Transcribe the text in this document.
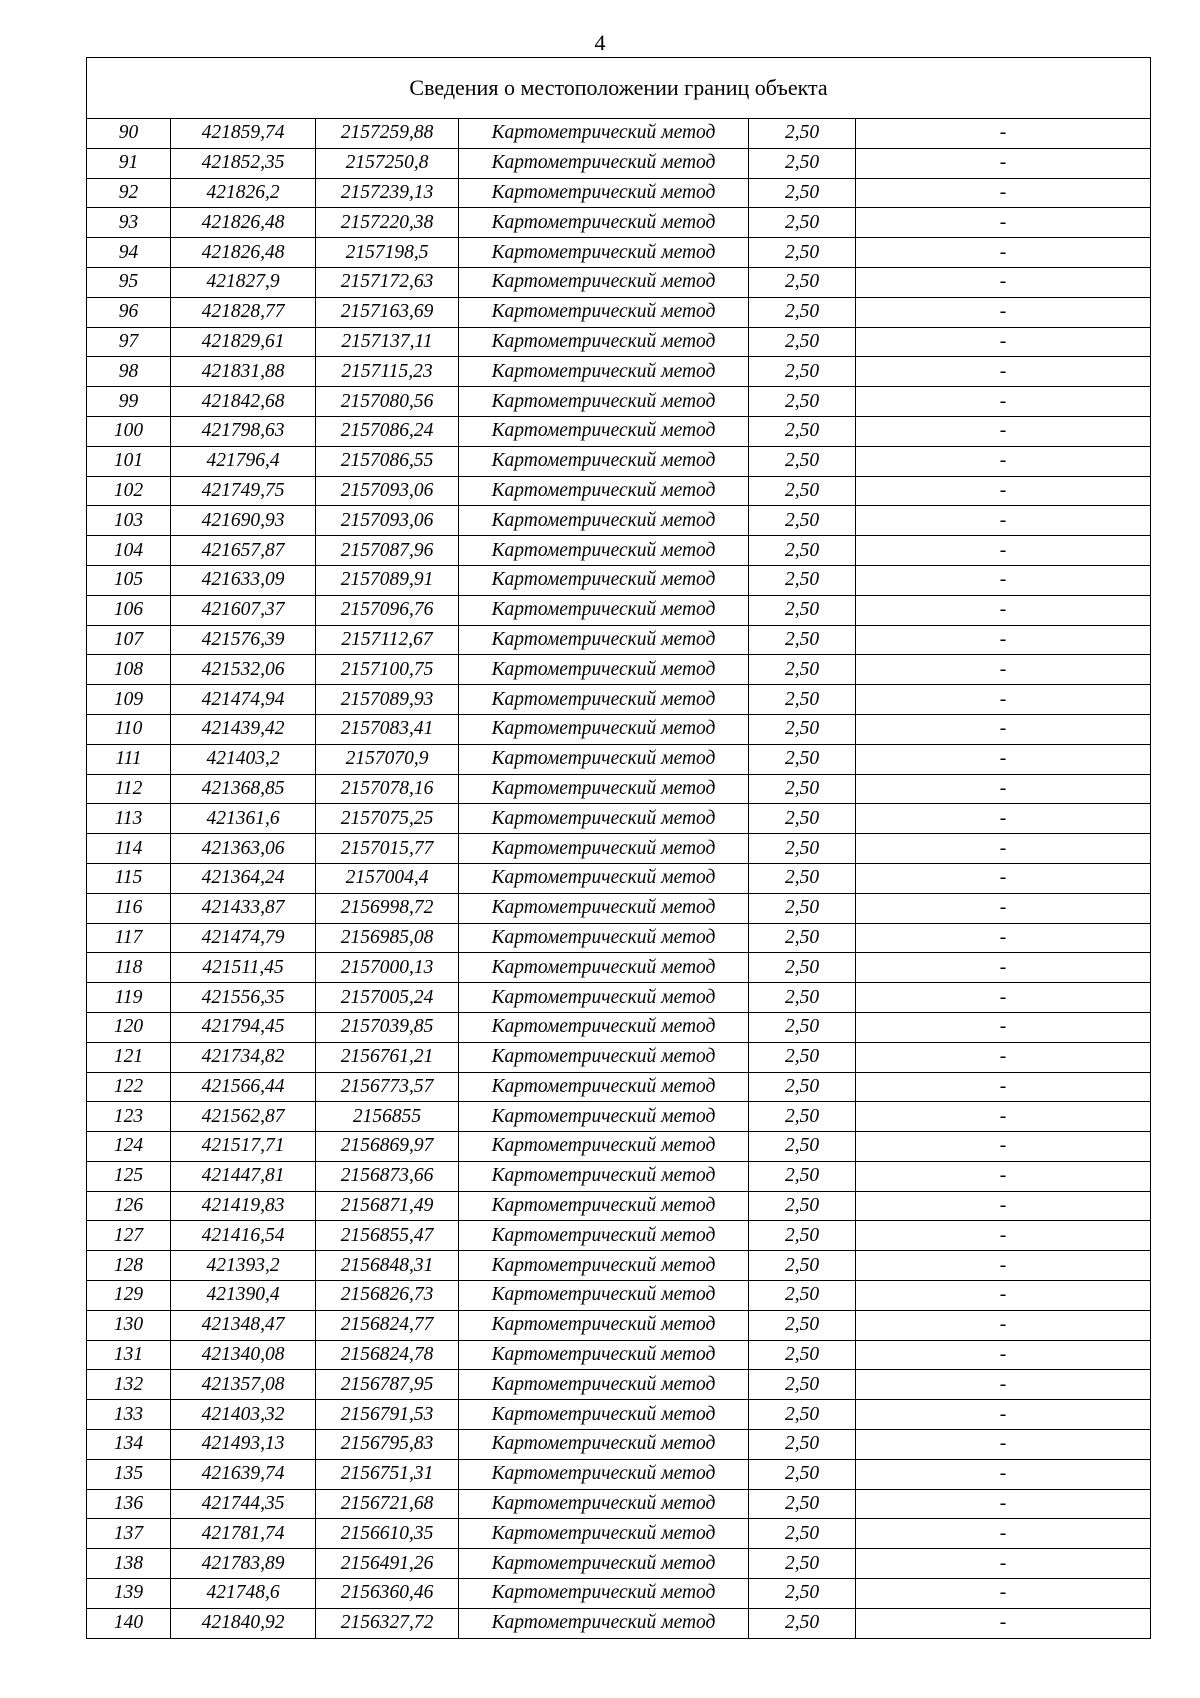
4
Сведения о местоположении границ объекта					
90	421859,74	2157259,88	Картометрический метод	2,50	-
91	421852,35	2157250,8	Картометрический метод	2,50	-
92	421826,2	2157239,13	Картометрический метод	2,50	-
93	421826,48	2157220,38	Картометрический метод	2,50	-
94	421826,48	2157198,5	Картометрический метод	2,50	-
95	421827,9	2157172,63	Картометрический метод	2,50	-
96	421828,77	2157163,69	Картометрический метод	2,50	-
97	421829,61	2157137,11	Картометрический метод	2,50	-
98	421831,88	2157115,23	Картометрический метод	2,50	-
99	421842,68	2157080,56	Картометрический метод	2,50	-
100	421798,63	2157086,24	Картометрический метод	2,50	-
101	421796,4	2157086,55	Картометрический метод	2,50	-
102	421749,75	2157093,06	Картометрический метод	2,50	-
103	421690,93	2157093,06	Картометрический метод	2,50	-
104	421657,87	2157087,96	Картометрический метод	2,50	-
105	421633,09	2157089,91	Картометрический метод	2,50	-
106	421607,37	2157096,76	Картометрический метод	2,50	-
107	421576,39	2157112,67	Картометрический метод	2,50	-
108	421532,06	2157100,75	Картометрический метод	2,50	-
109	421474,94	2157089,93	Картометрический метод	2,50	-
110	421439,42	2157083,41	Картометрический метод	2,50	-
111	421403,2	2157070,9	Картометрический метод	2,50	-
112	421368,85	2157078,16	Картометрический метод	2,50	-
113	421361,6	2157075,25	Картометрический метод	2,50	-
114	421363,06	2157015,77	Картометрический метод	2,50	-
115	421364,24	2157004,4	Картометрический метод	2,50	-
116	421433,87	2156998,72	Картометрический метод	2,50	-
117	421474,79	2156985,08	Картометрический метод	2,50	-
118	421511,45	2157000,13	Картометрический метод	2,50	-
119	421556,35	2157005,24	Картометрический метод	2,50	-
120	421794,45	2157039,85	Картометрический метод	2,50	-
121	421734,82	2156761,21	Картометрический метод	2,50	-
122	421566,44	2156773,57	Картометрический метод	2,50	-
123	421562,87	2156855	Картометрический метод	2,50	-
124	421517,71	2156869,97	Картометрический метод	2,50	-
125	421447,81	2156873,66	Картометрический метод	2,50	-
126	421419,83	2156871,49	Картометрический метод	2,50	-
127	421416,54	2156855,47	Картометрический метод	2,50	-
128	421393,2	2156848,31	Картометрический метод	2,50	-
129	421390,4	2156826,73	Картометрический метод	2,50	-
130	421348,47	2156824,77	Картометрический метод	2,50	-
131	421340,08	2156824,78	Картометрический метод	2,50	-
132	421357,08	2156787,95	Картометрический метод	2,50	-
133	421403,32	2156791,53	Картометрический метод	2,50	-
134	421493,13	2156795,83	Картометрический метод	2,50	-
135	421639,74	2156751,31	Картометрический метод	2,50	-
136	421744,35	2156721,68	Картометрический метод	2,50	-
137	421781,74	2156610,35	Картометрический метод	2,50	-
138	421783,89	2156491,26	Картометрический метод	2,50	-
139	421748,6	2156360,46	Картометрический метод	2,50	-
140	421840,92	2156327,72	Картометрический метод	2,50	-
